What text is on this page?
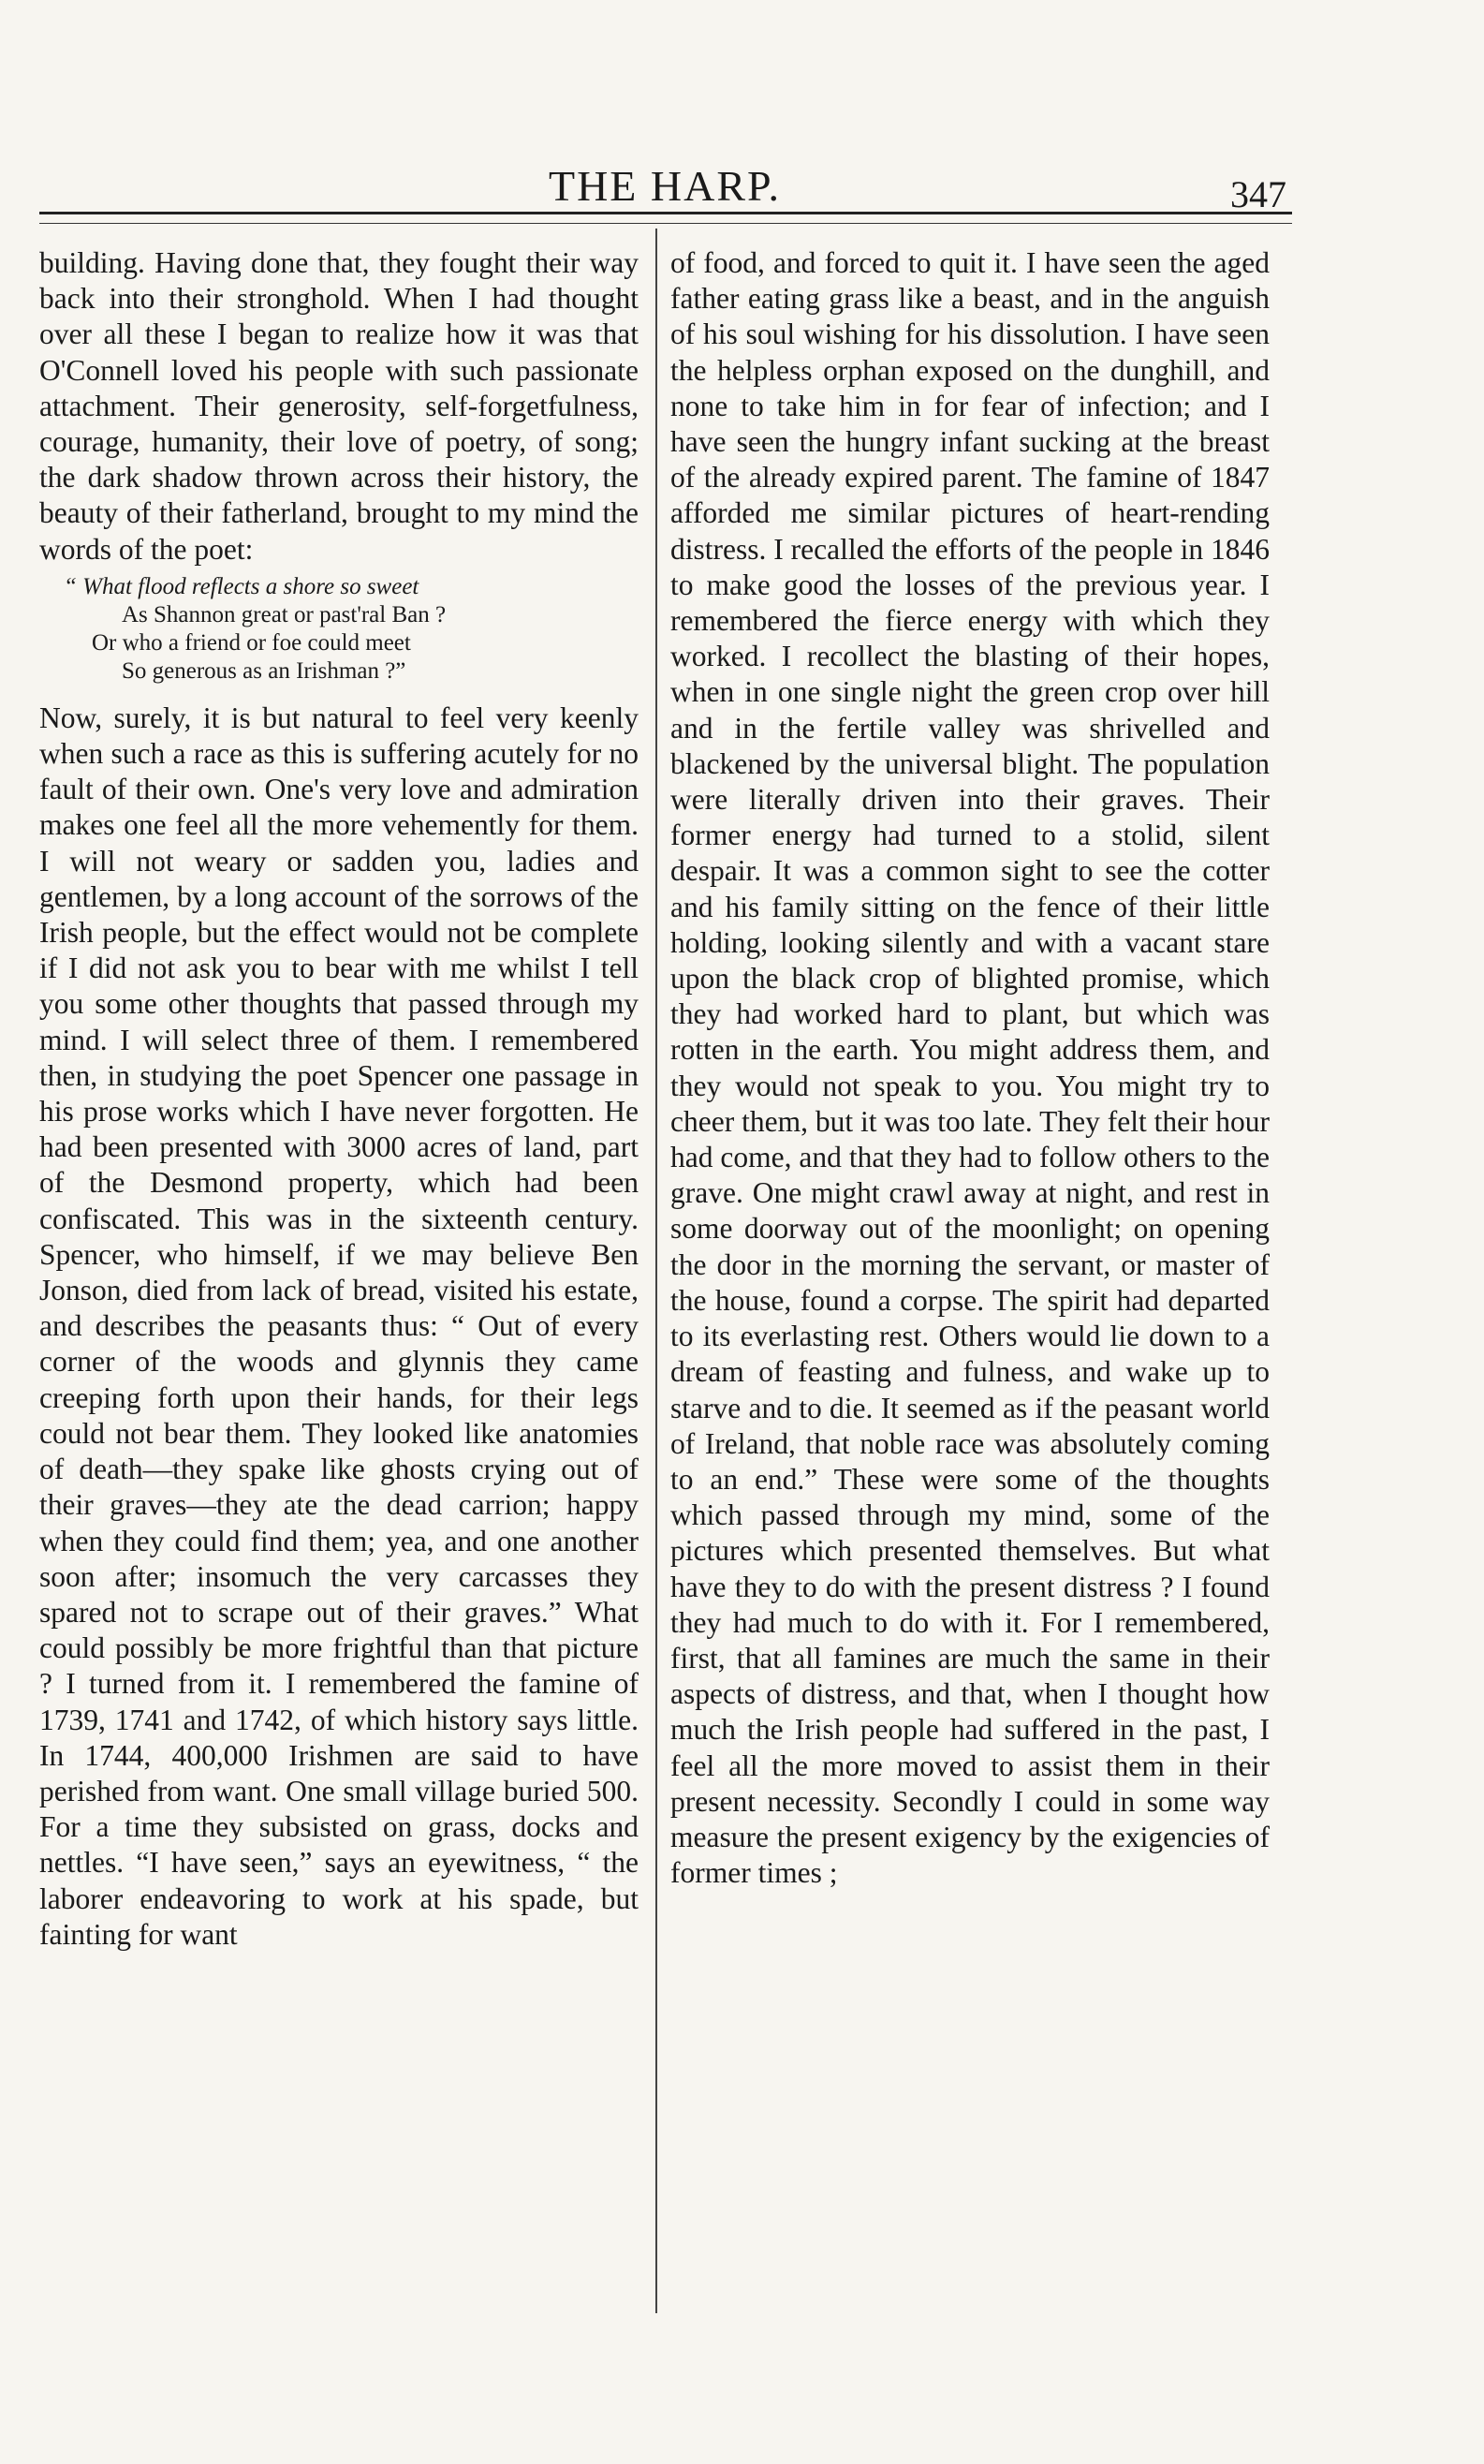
THE HARP.	347

building. Having done that, they fought their way back into their stronghold. When I had thought over all these I began to realize how it was that O'Connell loved his people with such passionate attachment. Their generosity, self-forgetfulness, courage, humanity, their love of poetry, of song; the dark shadow thrown across their history, the beauty of their fatherland, brought to my mind the words of the poet:

“ What flood reflects a shore so sweet
As Shannon great or past'ral Ban ?
Or who a friend or foe could meet
So generous as an Irishman ?”

Now, surely, it is but natural to feel very keenly when such a race as this is suffering acutely for no fault of their own. One's very love and admiration makes one feel all the more vehemently for them. I will not weary or sadden you, ladies and gentlemen, by a long account of the sorrows of the Irish people, but the effect would not be complete if I did not ask you to bear with me whilst I tell you some other thoughts that passed through my mind. I will select three of them. I remembered then, in studying the poet Spencer one passage in his prose works which I have never forgotten. He had been presented with 3000 acres of land, part of the Desmond property, which had been confiscated. This was in the sixteenth century. Spencer, who himself, if we may believe Ben Jonson, died from lack of bread, visited his estate, and describes the peasants thus: “ Out of every corner of the woods and glynnis they came creeping forth upon their hands, for their legs could not bear them. They looked like anatomies of death—they spake like ghosts crying out of their graves—they ate the dead carrion; happy when they could find them; yea, and one another soon after; insomuch the very carcasses they spared not to scrape out of their graves.” What could possibly be more frightful than that picture ? I turned from it. I remembered the famine of 1739, 1741 and 1742, of which history says little. In 1744, 400,000 Irishmen are said to have perished from want. One small village buried 500. For a time they subsisted on grass, docks and nettles. “I have seen,” says an eyewitness, “ the laborer endeavoring to work at his spade, but fainting for want

of food, and forced to quit it. I have seen the aged father eating grass like a beast, and in the anguish of his soul wishing for his dissolution. I have seen the helpless orphan exposed on the dunghill, and none to take him in for fear of infection; and I have seen the hungry infant sucking at the breast of the already expired parent. The famine of 1847 afforded me similar pictures of heart-rending distress. I recalled the efforts of the people in 1846 to make good the losses of the previous year. I remembered the fierce energy with which they worked. I recollect the blasting of their hopes, when in one single night the green crop over hill and in the fertile valley was shrivelled and blackened by the universal blight. The population were literally driven into their graves. Their former energy had turned to a stolid, silent despair. It was a common sight to see the cotter and his family sitting on the fence of their little holding, looking silently and with a vacant stare upon the black crop of blighted promise, which they had worked hard to plant, but which was rotten in the earth. You might address them, and they would not speak to you. You might try to cheer them, but it was too late. They felt their hour had come, and that they had to follow others to the grave. One might crawl away at night, and rest in some doorway out of the moonlight; on opening the door in the morning the servant, or master of the house, found a corpse. The spirit had departed to its everlasting rest. Others would lie down to a dream of feasting and fulness, and wake up to starve and to die. It seemed as if the peasant world of Ireland, that noble race was absolutely coming to an end.” These were some of the thoughts which passed through my mind, some of the pictures which presented themselves. But what have they to do with the present distress ? I found they had much to do with it. For I remembered, first, that all famines are much the same in their aspects of distress, and that, when I thought how much the Irish people had suffered in the past, I feel all the more moved to assist them in their present necessity. Secondly I could in some way measure the present exigency by the exigencies of former times ;
